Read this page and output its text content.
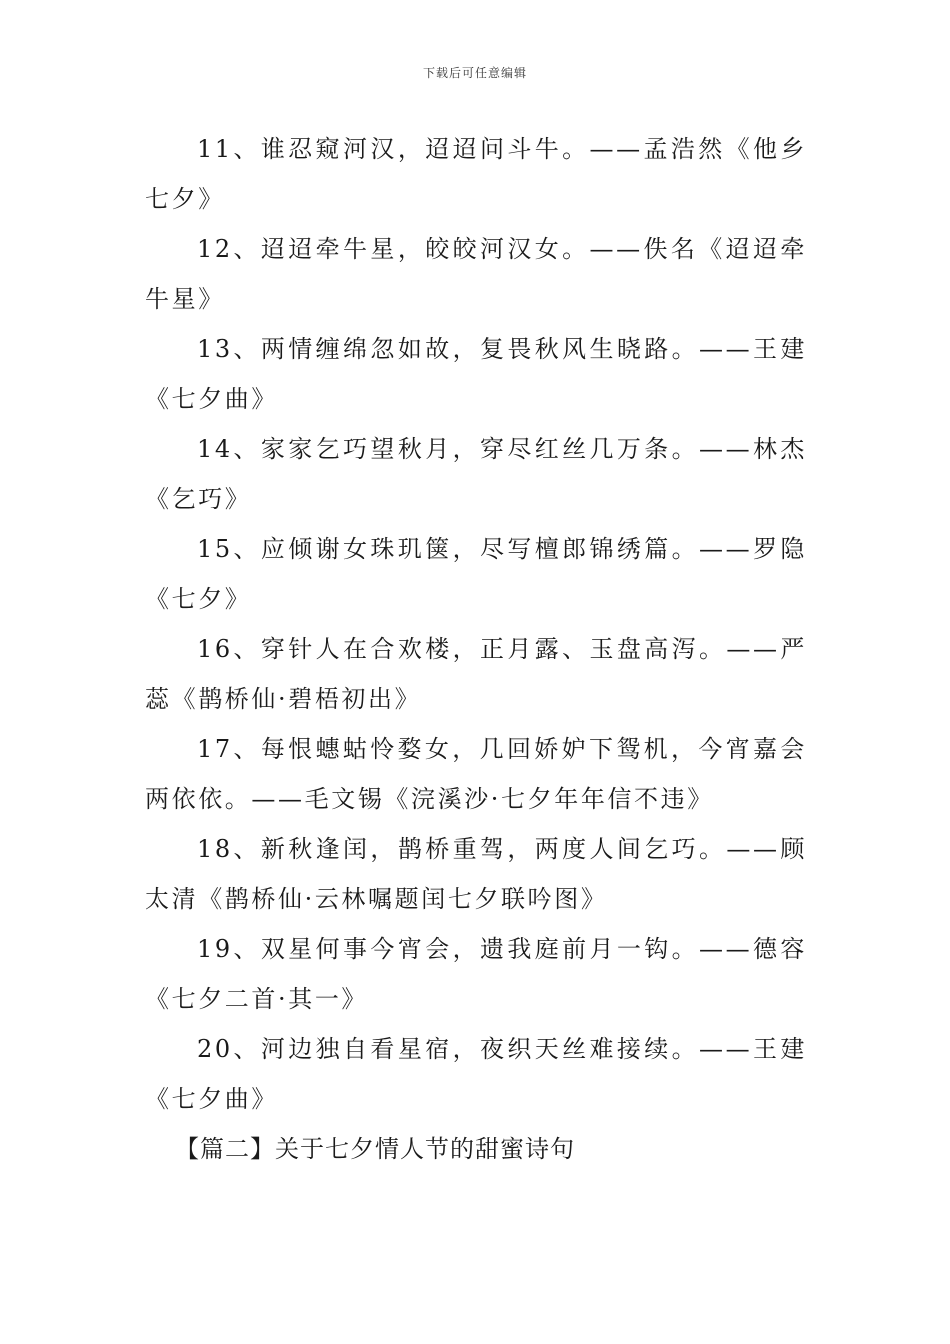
下载后可任意编辑

11、谁忍窥河汉，迢迢问斗牛。——孟浩然《他乡七夕》

12、迢迢牵牛星，皎皎河汉女。——佚名《迢迢牵牛星》

13、两情缠绵忽如故，复畏秋风生晓路。——王建《七夕曲》

14、家家乞巧望秋月，穿尽红丝几万条。——林杰《乞巧》

15、应倾谢女珠玑箧，尽写檀郎锦绣篇。——罗隐《七夕》

16、穿针人在合欢楼，正月露、玉盘高泻。——严蕊《鹊桥仙·碧梧初出》

17、每恨蟪蛄怜婺女，几回娇妒下鸳机，今宵嘉会两依依。——毛文锡《浣溪沙·七夕年年信不违》

18、新秋逢闰，鹊桥重驾，两度人间乞巧。——顾太清《鹊桥仙·云林嘱题闰七夕联吟图》

19、双星何事今宵会，遗我庭前月一钩。——德容《七夕二首·其一》

20、河边独自看星宿，夜织天丝难接续。——王建《七夕曲》

【篇二】关于七夕情人节的甜蜜诗句
